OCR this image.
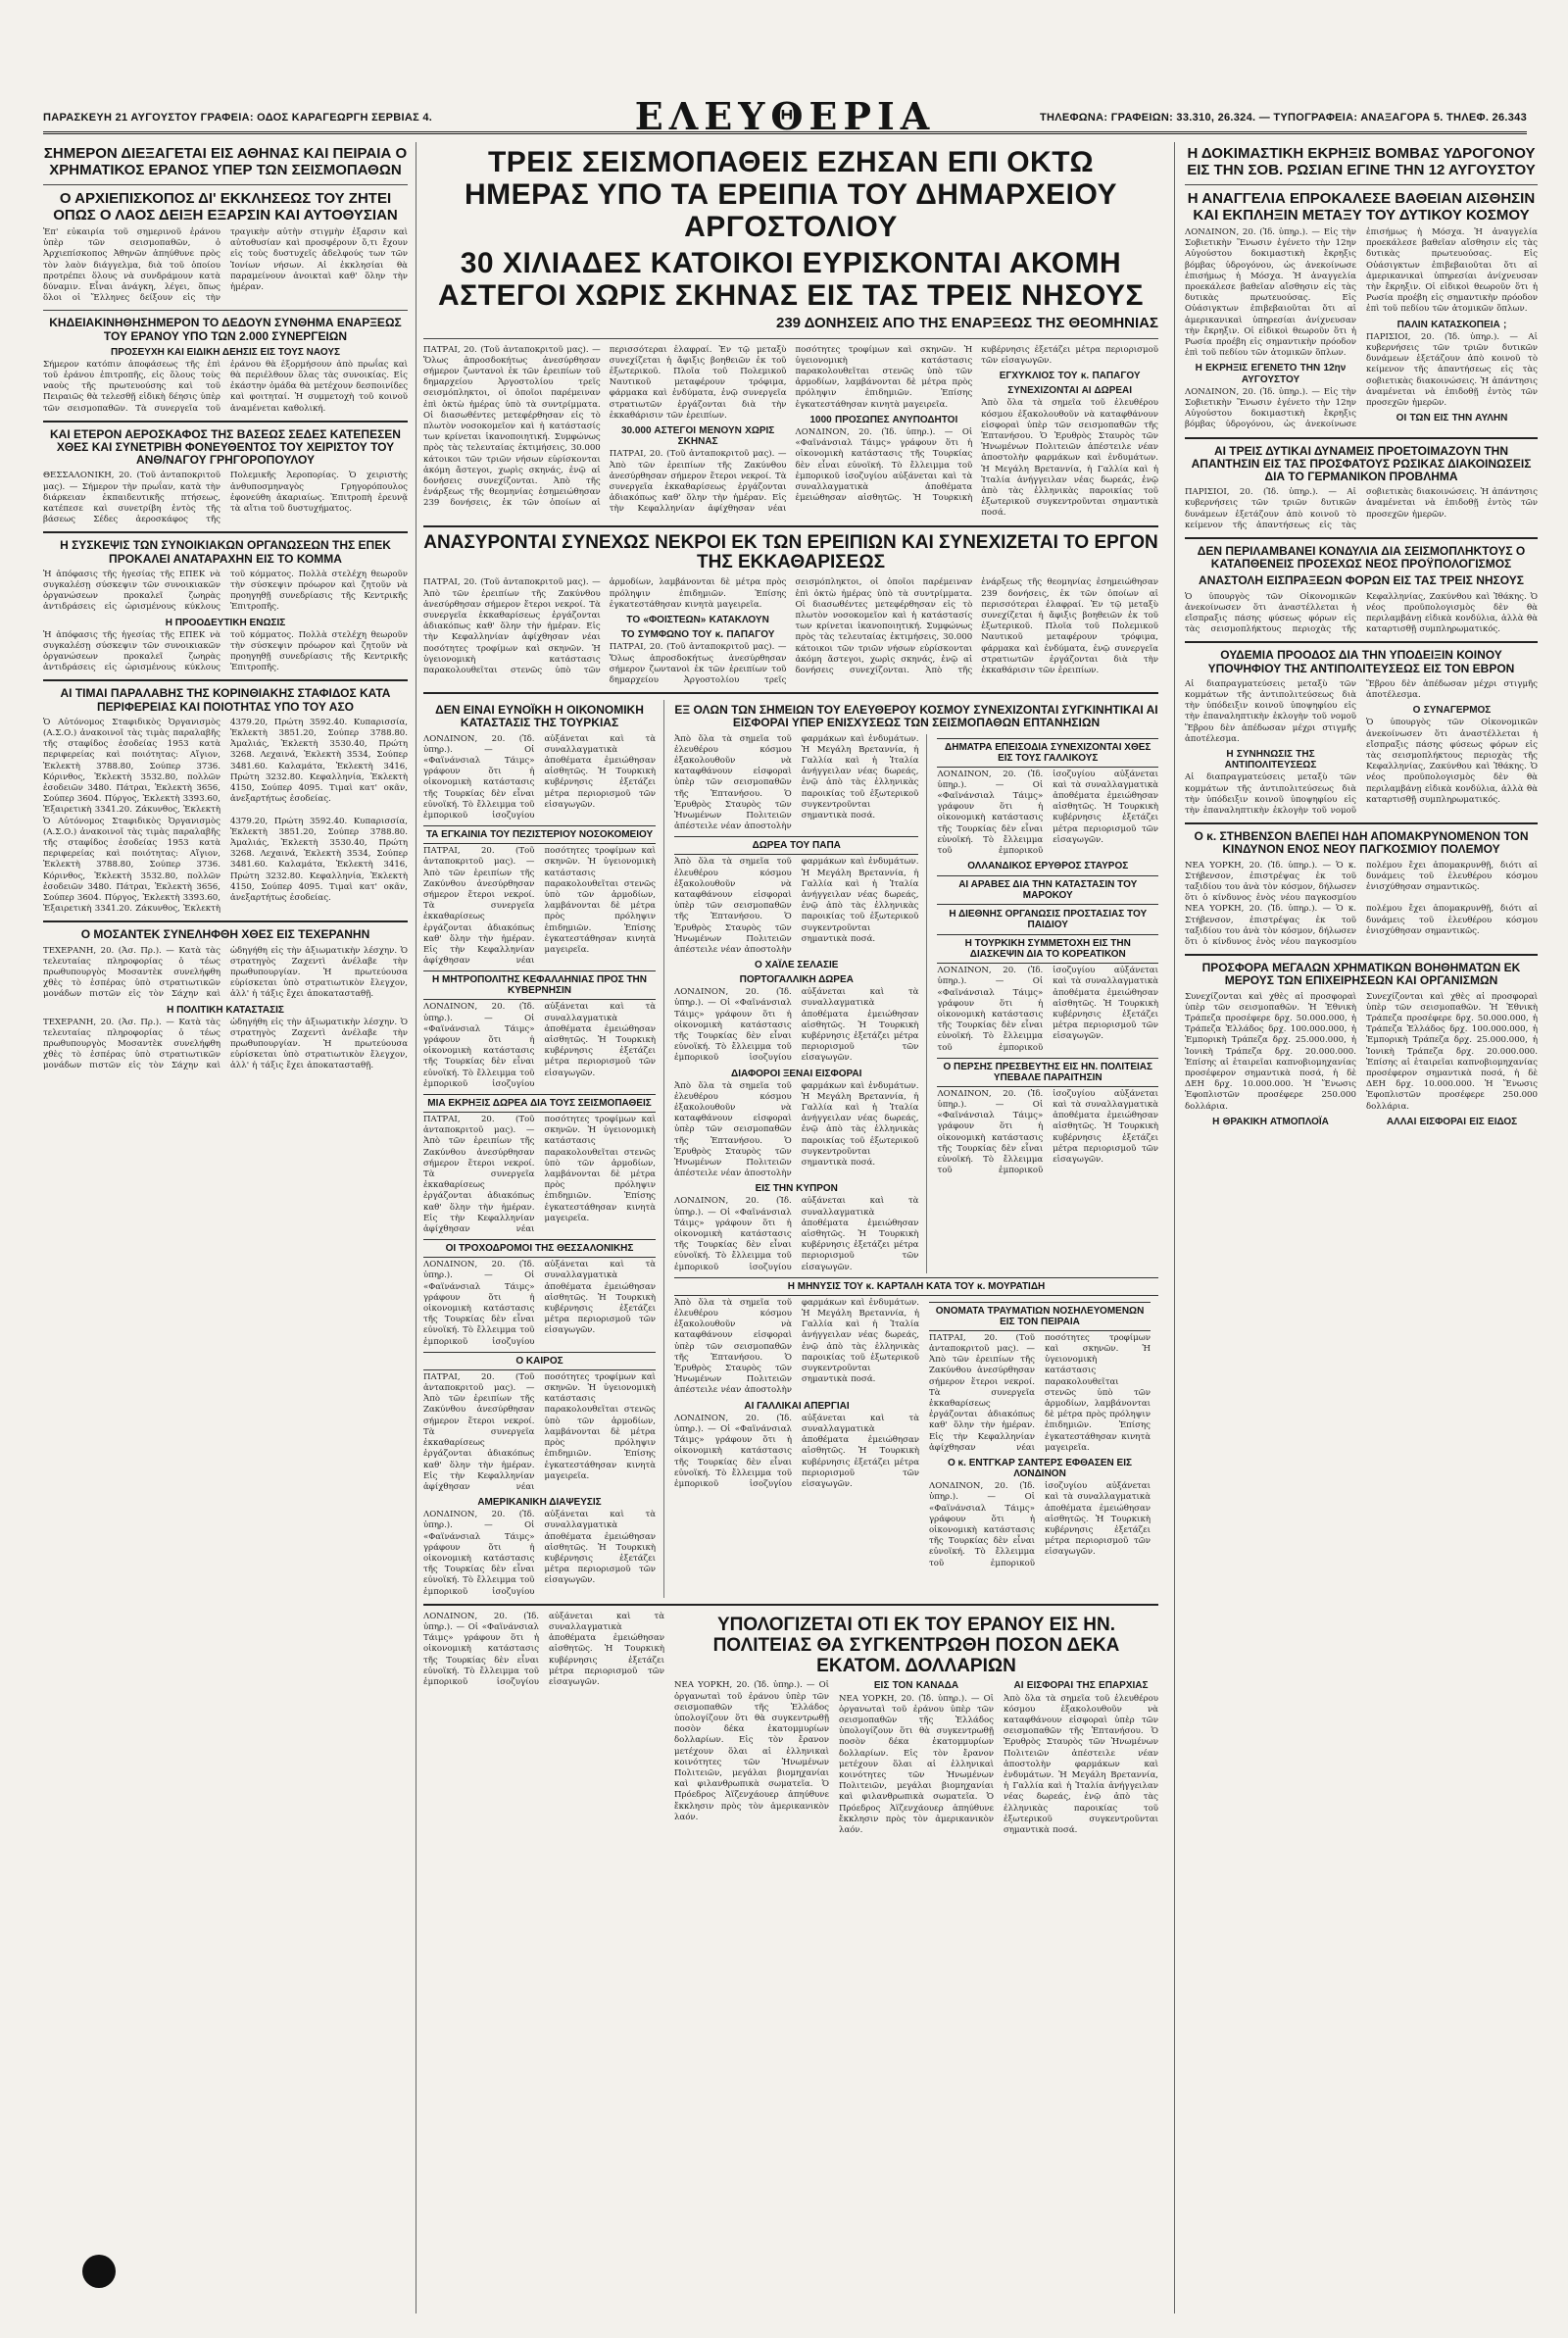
ΠΑΡΑΣΚΕΥΗ 21 ΑΥΓΟΥΣΤΟΥ ΓΡΑΦΕΙΑ: ΟΔΟΣ ΚΑΡΑΓΕΩΡΓΗ ΣΕΡΒΙΑΣ 4.	ΕΛΕΥΘΕΡΙΑ	ΤΗΛΕΦΩΝΑ: ΓΡΑΦΕΙΩΝ: 33.310, 26.324. — ΤΥΠΟΓΡΑΦΕΙΑ: ΑΝΑΞΑΓΟΡΑ 5. ΤΗΛΕΦ. 26.343
ΣΗΜΕΡΟΝ ΔΙΕΞΑΓΕΤΑΙ ΕΙΣ ΑΘΗΝΑΣ ΚΑΙ ΠΕΙΡΑΙΑ Ο ΧΡΗΜΑΤΙΚΟΣ ΕΡΑΝΟΣ ΥΠΕΡ ΤΩΝ ΣΕΙΣΜΟΠΑΘΩΝ
Ο ΑΡΧΙΕΠΙΣΚΟΠΟΣ ΔΙ' ΕΚΚΛΗΣΕΩΣ ΤΟΥ ΖΗΤΕΙ ΟΠΩΣ Ο ΛΑΟΣ ΔΕΙΞΗ ΕΞΑΡΣΙΝ ΚΑΙ ΑΥΤΟΘΥΣΙΑΝ
Ἐπ' εὐκαιρία τοῦ σημερινοῦ ἐράνου ὑπὲρ τῶν σεισμοπαθῶν, ὁ Ἀρχιεπίσκοπος Ἀθηνῶν ἀπηύθυνε πρὸς τὸν λαὸν διάγγελμα, διὰ τοῦ ὁποίου προτρέπει ὅλους νὰ συνδράμουν κατὰ δύναμιν. Εἶναι ἀνάγκη, λέγει, ὅπως ὅλοι οἱ Ἕλληνες δείξουν εἰς τὴν τραγικὴν αὐτὴν στιγμὴν ἐξαρσιν καὶ αὐτοθυσίαν καὶ προσφέρουν ὅ,τι ἔχουν εἰς τοὺς δυστυχεῖς ἀδελφούς των τῶν Ἰονίων νήσων. Αἱ ἐκκλησίαι θὰ παραμείνουν ἀνοικταὶ καθ' ὅλην τὴν ἡμέραν.
ΚΗΔΕΙΑΚΙΝΗΘΗΣΗΜΕΡΟΝ ΤΟ ΔΕΔΟΥΝ ΣΥΝΘΗΜΑ ΕΝΑΡΞΕΩΣ ΤΟΥ ΕΡΑΝΟΥ ΥΠΟ ΤΩΝ 2.000 ΣΥΝΕΡΓΕΙΩΝ
ΠΡΟΣΕΥΧΗ ΚΑΙ ΕΙΔΙΚΗ ΔΕΗΣΙΣ ΕΙΣ ΤΟΥΣ ΝΑΟΥΣ
Σήμερον κατόπιν ἀποφάσεως τῆς ἐπὶ τοῦ ἐράνου ἐπιτροπῆς, εἰς ὅλους τοὺς ναοὺς τῆς πρωτευούσης καὶ τοῦ Πειραιῶς θὰ τελεσθῇ εἰδικὴ δέησις ὑπὲρ τῶν σεισμοπαθῶν. Τὰ συνεργεῖα τοῦ ἐράνου θὰ ἐξορμήσουν ἀπὸ πρωΐας καὶ θὰ περιέλθουν ὅλας τὰς συνοικίας. Εἰς ἑκάστην ὁμάδα θὰ μετέχουν δεσποινίδες καὶ φοιτηταί. Ἡ συμμετοχὴ τοῦ κοινοῦ ἀναμένεται καθολική.
ΚΑΙ ΕΤΕΡΟΝ ΑΕΡΟΣΚΑΦΟΣ ΤΗΣ ΒΑΣΕΩΣ ΣΕΔΕΣ ΚΑΤΕΠΕΣΕΝ ΧΘΕΣ ΚΑΙ ΣΥΝΕΤΡΙΒΗ ΦΟΝΕΥΘΕΝΤΟΣ ΤΟΥ ΧΕΙΡΙΣΤΟΥ ΤΟΥ ΑΝΘ/ΝΑΓΟΥ ΓΡΗΓΟΡΟΠΟΥΛΟΥ
ΘΕΣΣΑΛΟΝΙΚΗ, 20. (Τοῦ ἀνταποκριτοῦ μας). — Σήμερον τὴν πρωΐαν, κατὰ τὴν διάρκειαν ἐκπαιδευτικῆς πτήσεως, κατέπεσε καὶ συνετρίβη ἐντὸς τῆς βάσεως Σέδες ἀεροσκάφος τῆς Πολεμικῆς Ἀεροπορίας. Ὁ χειριστὴς ἀνθυποσμηναγὸς Γρηγορόπουλος ἐφονεύθη ἀκαριαίως. Ἐπιτροπὴ ἐρευνᾷ τὰ αἴτια τοῦ δυστυχήματος.
Η ΣΥΣΚΕΨΙΣ ΤΩΝ ΣΥΝΟΙΚΙΑΚΩΝ ΟΡΓΑΝΩΣΕΩΝ ΤΗΣ ΕΠΕΚ ΠΡΟΚΑΛΕΙ ΑΝΑΤΑΡΑΧΗΝ ΕΙΣ ΤΟ ΚΟΜΜΑ
Ἡ ἀπόφασις τῆς ἡγεσίας τῆς ΕΠΕΚ νὰ συγκαλέσῃ σύσκεψιν τῶν συνοικιακῶν ὀργανώσεων προκαλεῖ ζωηρὰς ἀντιδράσεις εἰς ὡρισμένους κύκλους τοῦ κόμματος. Πολλὰ στελέχη θεωροῦν τὴν σύσκεψιν πρόωρον καὶ ζητοῦν νὰ προηγηθῇ συνεδρίασις τῆς Κεντρικῆς Ἐπιτροπῆς.
Η ΠΡΟΟΔΕΥΤΙΚΗ ΕΝΩΣΙΣ
Ἡ ἀπόφασις τῆς ἡγεσίας τῆς ΕΠΕΚ νὰ συγκαλέσῃ σύσκεψιν τῶν συνοικιακῶν ὀργανώσεων προκαλεῖ ζωηρὰς ἀντιδράσεις εἰς ὡρισμένους κύκλους τοῦ κόμματος. Πολλὰ στελέχη θεωροῦν τὴν σύσκεψιν πρόωρον καὶ ζητοῦν νὰ προηγηθῇ συνεδρίασις τῆς Κεντρικῆς Ἐπιτροπῆς.
ΑΙ ΤΙΜΑΙ ΠΑΡΑΛΑΒΗΣ ΤΗΣ ΚΟΡΙΝΘΙΑΚΗΣ ΣΤΑΦΙΔΟΣ ΚΑΤΑ ΠΕΡΙΦΕΡΕΙΑΣ ΚΑΙ ΠΟΙΟΤΗΤΑΣ ΥΠΟ ΤΟΥ ΑΣΟ
Ὁ Αὐτόνομος Σταφιδικὸς Ὀργανισμὸς (Α.Σ.Ο.) ἀνακοινοῖ τὰς τιμὰς παραλαβῆς τῆς σταφίδος ἐσοδείας 1953 κατὰ περιφερείας καὶ ποιότητας: Αἴγιον, Ἐκλεκτὴ 3788.80, Σούπερ 3736. Κόρινθος, Ἐκλεκτὴ 3532.80, πολλῶν ἐσοδειῶν 3480. Πάτραι, Ἐκλεκτὴ 3656, Σούπερ 3604. Πύργος, Ἐκλεκτὴ 3393.60, Ἐξαιρετικὴ 3341.20. Ζάκυνθος, Ἐκλεκτὴ 4379.20, Πρώτη 3592.40. Κυπαρισσία, Ἐκλεκτὴ 3851.20, Σούπερ 3788.80. Ἀμαλιάς, Ἐκλεκτὴ 3530.40, Πρώτη 3268. Λεχαινά, Ἐκλεκτὴ 3534, Σούπερ 3481.60. Καλαμάτα, Ἐκλεκτὴ 3416, Πρώτη 3232.80. Κεφαλληνία, Ἐκλεκτὴ 4150, Σούπερ 4095. Τιμαὶ κατ' οκᾶν, ἀνεξαρτήτως ἐσοδείας.
Ὁ Αὐτόνομος Σταφιδικὸς Ὀργανισμὸς (Α.Σ.Ο.) ἀνακοινοῖ τὰς τιμὰς παραλαβῆς τῆς σταφίδος ἐσοδείας 1953 κατὰ περιφερείας καὶ ποιότητας: Αἴγιον, Ἐκλεκτὴ 3788.80, Σούπερ 3736. Κόρινθος, Ἐκλεκτὴ 3532.80, πολλῶν ἐσοδειῶν 3480. Πάτραι, Ἐκλεκτὴ 3656, Σούπερ 3604. Πύργος, Ἐκλεκτὴ 3393.60, Ἐξαιρετικὴ 3341.20. Ζάκυνθος, Ἐκλεκτὴ 4379.20, Πρώτη 3592.40. Κυπαρισσία, Ἐκλεκτὴ 3851.20, Σούπερ 3788.80. Ἀμαλιάς, Ἐκλεκτὴ 3530.40, Πρώτη 3268. Λεχαινά, Ἐκλεκτὴ 3534, Σούπερ 3481.60. Καλαμάτα, Ἐκλεκτὴ 3416, Πρώτη 3232.80. Κεφαλληνία, Ἐκλεκτὴ 4150, Σούπερ 4095. Τιμαὶ κατ' οκᾶν, ἀνεξαρτήτως ἐσοδείας.
Ο ΜΟΣΑΝΤΕΚ ΣΥΝΕΛΗΦΘΗ ΧΘΕΣ ΕΙΣ ΤΕΧΕΡΑΝΗΝ
ΤΕΧΕΡΑΝΗ, 20. (Ἀσ. Πρ.). — Κατὰ τὰς τελευταίας πληροφορίας ὁ τέως πρωθυπουργὸς Μοσαντὲκ συνελήφθη χθὲς τὸ ἑσπέρας ὑπὸ στρατιωτικῶν μονάδων πιστῶν εἰς τὸν Σάχην καὶ ὡδηγήθη εἰς τὴν ἀξιωματικὴν λέσχην. Ὁ στρατηγὸς Ζαχεντὶ ἀνέλαβε τὴν πρωθυπουργίαν. Ἡ πρωτεύουσα εὑρίσκεται ὑπὸ στρατιωτικὸν ἔλεγχον, ἀλλ' ἡ τάξις ἔχει ἀποκατασταθῇ.
Η ΠΟΛΙΤΙΚΗ ΚΑΤΑΣΤΑΣΙΣ
ΤΕΧΕΡΑΝΗ, 20. (Ἀσ. Πρ.). — Κατὰ τὰς τελευταίας πληροφορίας ὁ τέως πρωθυπουργὸς Μοσαντὲκ συνελήφθη χθὲς τὸ ἑσπέρας ὑπὸ στρατιωτικῶν μονάδων πιστῶν εἰς τὸν Σάχην καὶ ὡδηγήθη εἰς τὴν ἀξιωματικὴν λέσχην. Ὁ στρατηγὸς Ζαχεντὶ ἀνέλαβε τὴν πρωθυπουργίαν. Ἡ πρωτεύουσα εὑρίσκεται ὑπὸ στρατιωτικὸν ἔλεγχον, ἀλλ' ἡ τάξις ἔχει ἀποκατασταθῇ.
ΤΡΕΙΣ ΣΕΙΣΜΟΠΑΘΕΙΣ ΕΖΗΣΑΝ ΕΠΙ ΟΚΤΩ ΗΜΕΡΑΣ ΥΠΟ ΤΑ ΕΡΕΙΠΙΑ ΤΟΥ ΔΗΜΑΡΧΕΙΟΥ ΑΡΓΟΣΤΟΛΙΟΥ
30 ΧΙΛΙΑΔΕΣ ΚΑΤΟΙΚΟΙ ΕΥΡΙΣΚΟΝΤΑΙ ΑΚΟΜΗ ΑΣΤΕΓΟΙ ΧΩΡΙΣ ΣΚΗΝΑΣ ΕΙΣ ΤΑΣ ΤΡΕΙΣ ΝΗΣΟΥΣ
239 ΔΟΝΗΣΕΙΣ ΑΠΟ ΤΗΣ ΕΝΑΡΞΕΩΣ ΤΗΣ ΘΕΟΜΗΝΙΑΣ
ΠΑΤΡΑΙ, 20. (Τοῦ ἀνταποκριτοῦ μας). — Ὅλως ἀπροσδοκήτως ἀνεσύρθησαν σήμερον ζωντανοὶ ἐκ τῶν ἐρειπίων τοῦ δημαρχείου Ἀργοστολίου τρεῖς σεισμόπληκτοι, οἱ ὁποῖοι παρέμειναν ἐπὶ ὀκτὼ ἡμέρας ὑπὸ τὰ συντρίμματα. Οἱ διασωθέντες μετεφέρθησαν εἰς τὸ πλωτὸν νοσοκομεῖον καὶ ἡ κατάστασίς των κρίνεται ἱκανοποιητική. Συμφώνως πρὸς τὰς τελευταίας ἐκτιμήσεις, 30.000 κάτοικοι τῶν τριῶν νήσων εὑρίσκονται ἀκόμη ἄστεγοι, χωρὶς σκηνάς, ἐνῷ αἱ δονήσεις συνεχίζονται. Ἀπὸ τῆς ἐνάρξεως τῆς θεομηνίας ἐσημειώθησαν 239 δονήσεις, ἐκ τῶν ὁποίων αἱ περισσότεραι ἐλαφραί. Ἐν τῷ μεταξὺ συνεχίζεται ἡ ἄφιξις βοηθειῶν ἐκ τοῦ ἐξωτερικοῦ. Πλοῖα τοῦ Πολεμικοῦ Ναυτικοῦ μεταφέρουν τρόφιμα, φάρμακα καὶ ἐνδύματα, ἐνῷ συνεργεῖα στρατιωτῶν ἐργάζονται διὰ τὴν ἐκκαθάρισιν τῶν ἐρειπίων.
30.000 ΑΣΤΕΓΟΙ ΜΕΝΟΥΝ ΧΩΡΙΣ ΣΚΗΝΑΣ
ΠΑΤΡΑΙ, 20. (Τοῦ ἀνταποκριτοῦ μας). — Ἀπὸ τῶν ἐρειπίων τῆς Ζακύνθου ἀνεσύρθησαν σήμερον ἕτεροι νεκροί. Τὰ συνεργεῖα ἐκκαθαρίσεως ἐργάζονται ἀδιακόπως καθ' ὅλην τὴν ἡμέραν. Εἰς τὴν Κεφαλληνίαν ἀφίχθησαν νέαι ποσότητες τροφίμων καὶ σκηνῶν. Ἡ ὑγειονομικὴ κατάστασις παρακολουθεῖται στενῶς ὑπὸ τῶν ἁρμοδίων, λαμβάνονται δὲ μέτρα πρὸς πρόληψιν ἐπιδημιῶν. Ἐπίσης ἐγκατεστάθησαν κινητὰ μαγειρεῖα.
1000 ΠΡΟΣΩΠΕΣ ΑΝΥΠΟΔΗΤΟΙ
ΛΟΝΔΙΝΟΝ, 20. (Ἰδ. ὑπηρ.). — Οἱ «Φαϊνάνσιαλ Τάιμς» γράφουν ὅτι ἡ οἰκονομικὴ κατάστασις τῆς Τουρκίας δὲν εἶναι εὐνοϊκή. Τὸ ἔλλειμμα τοῦ ἐμπορικοῦ ἰσοζυγίου αὐξάνεται καὶ τὰ συναλλαγματικὰ ἀποθέματα ἐμειώθησαν αἰσθητῶς. Ἡ Τουρκικὴ κυβέρνησις ἐξετάζει μέτρα περιορισμοῦ τῶν εἰσαγωγῶν.
ΕΓΧΥΚΛΙΟΣ ΤΟΥ κ. ΠΑΠΑΓΟΥ
ΣΥΝΕΧΙΖΟΝΤΑΙ ΑΙ ΔΩΡΕΑΙ
Ἀπὸ ὅλα τὰ σημεῖα τοῦ ἐλευθέρου κόσμου ἐξακολουθοῦν νὰ καταφθάνουν εἰσφοραὶ ὑπὲρ τῶν σεισμοπαθῶν τῆς Ἑπτανήσου. Ὁ Ἐρυθρὸς Σταυρὸς τῶν Ἡνωμένων Πολιτειῶν ἀπέστειλε νέαν ἀποστολὴν φαρμάκων καὶ ἐνδυμάτων. Ἡ Μεγάλη Βρεταννία, ἡ Γαλλία καὶ ἡ Ἰταλία ἀνήγγειλαν νέας δωρεάς, ἐνῷ ἀπὸ τὰς ἑλληνικὰς παροικίας τοῦ ἐξωτερικοῦ συγκεντροῦνται σημαντικὰ ποσά.
ΑΝΑΣΥΡΟΝΤΑΙ ΣΥΝΕΧΩΣ ΝΕΚΡΟΙ ΕΚ ΤΩΝ ΕΡΕΙΠΙΩΝ ΚΑΙ ΣΥΝΕΧΙΖΕΤΑΙ ΤΟ ΕΡΓΟΝ ΤΗΣ ΕΚΚΑΘΑΡΙΣΕΩΣ
ΠΑΤΡΑΙ, 20. (Τοῦ ἀνταποκριτοῦ μας). — Ἀπὸ τῶν ἐρειπίων τῆς Ζακύνθου ἀνεσύρθησαν σήμερον ἕτεροι νεκροί. Τὰ συνεργεῖα ἐκκαθαρίσεως ἐργάζονται ἀδιακόπως καθ' ὅλην τὴν ἡμέραν. Εἰς τὴν Κεφαλληνίαν ἀφίχθησαν νέαι ποσότητες τροφίμων καὶ σκηνῶν. Ἡ ὑγειονομικὴ κατάστασις παρακολουθεῖται στενῶς ὑπὸ τῶν ἁρμοδίων, λαμβάνονται δὲ μέτρα πρὸς πρόληψιν ἐπιδημιῶν. Ἐπίσης ἐγκατεστάθησαν κινητὰ μαγειρεῖα.
ΤΟ «ΦΟΙΣΤΕΩΝ» ΚΑΤΑΚΛΟΥΝ
ΤΟ ΣΥΜΦΩΝΟ ΤΟΥ κ. ΠΑΠΑΓΟΥ
ΠΑΤΡΑΙ, 20. (Τοῦ ἀνταποκριτοῦ μας). — Ὅλως ἀπροσδοκήτως ἀνεσύρθησαν σήμερον ζωντανοὶ ἐκ τῶν ἐρειπίων τοῦ δημαρχείου Ἀργοστολίου τρεῖς σεισμόπληκτοι, οἱ ὁποῖοι παρέμειναν ἐπὶ ὀκτὼ ἡμέρας ὑπὸ τὰ συντρίμματα. Οἱ διασωθέντες μετεφέρθησαν εἰς τὸ πλωτὸν νοσοκομεῖον καὶ ἡ κατάστασίς των κρίνεται ἱκανοποιητική. Συμφώνως πρὸς τὰς τελευταίας ἐκτιμήσεις, 30.000 κάτοικοι τῶν τριῶν νήσων εὑρίσκονται ἀκόμη ἄστεγοι, χωρὶς σκηνάς, ἐνῷ αἱ δονήσεις συνεχίζονται. Ἀπὸ τῆς ἐνάρξεως τῆς θεομηνίας ἐσημειώθησαν 239 δονήσεις, ἐκ τῶν ὁποίων αἱ περισσότεραι ἐλαφραί. Ἐν τῷ μεταξὺ συνεχίζεται ἡ ἄφιξις βοηθειῶν ἐκ τοῦ ἐξωτερικοῦ. Πλοῖα τοῦ Πολεμικοῦ Ναυτικοῦ μεταφέρουν τρόφιμα, φάρμακα καὶ ἐνδύματα, ἐνῷ συνεργεῖα στρατιωτῶν ἐργάζονται διὰ τὴν ἐκκαθάρισιν τῶν ἐρειπίων.
ΔΕΝ ΕΙΝΑΙ ΕΥΝΟΪΚΗ Η ΟΙΚΟΝΟΜΙΚΗ ΚΑΤΑΣΤΑΣΙΣ ΤΗΣ ΤΟΥΡΚΙΑΣ
ΛΟΝΔΙΝΟΝ, 20. (Ἰδ. ὑπηρ.). — Οἱ «Φαϊνάνσιαλ Τάιμς» γράφουν ὅτι ἡ οἰκονομικὴ κατάστασις τῆς Τουρκίας δὲν εἶναι εὐνοϊκή. Τὸ ἔλλειμμα τοῦ ἐμπορικοῦ ἰσοζυγίου αὐξάνεται καὶ τὰ συναλλαγματικὰ ἀποθέματα ἐμειώθησαν αἰσθητῶς. Ἡ Τουρκικὴ κυβέρνησις ἐξετάζει μέτρα περιορισμοῦ τῶν εἰσαγωγῶν.
ΤΑ ΕΓΚΑΙΝΙΑ ΤΟΥ ΠΕΖΙΣΤΕΡΙΟΥ ΝΟΣΟΚΟΜΕΙΟΥ
ΠΑΤΡΑΙ, 20. (Τοῦ ἀνταποκριτοῦ μας). — Ἀπὸ τῶν ἐρειπίων τῆς Ζακύνθου ἀνεσύρθησαν σήμερον ἕτεροι νεκροί. Τὰ συνεργεῖα ἐκκαθαρίσεως ἐργάζονται ἀδιακόπως καθ' ὅλην τὴν ἡμέραν. Εἰς τὴν Κεφαλληνίαν ἀφίχθησαν νέαι ποσότητες τροφίμων καὶ σκηνῶν. Ἡ ὑγειονομικὴ κατάστασις παρακολουθεῖται στενῶς ὑπὸ τῶν ἁρμοδίων, λαμβάνονται δὲ μέτρα πρὸς πρόληψιν ἐπιδημιῶν. Ἐπίσης ἐγκατεστάθησαν κινητὰ μαγειρεῖα.
Η ΜΗΤΡΟΠΟΛΙΤΗΣ ΚΕΦΑΛΛΗΝΙΑΣ ΠΡΟΣ ΤΗΝ ΚΥΒΕΡΝΗΣΙΝ
ΛΟΝΔΙΝΟΝ, 20. (Ἰδ. ὑπηρ.). — Οἱ «Φαϊνάνσιαλ Τάιμς» γράφουν ὅτι ἡ οἰκονομικὴ κατάστασις τῆς Τουρκίας δὲν εἶναι εὐνοϊκή. Τὸ ἔλλειμμα τοῦ ἐμπορικοῦ ἰσοζυγίου αὐξάνεται καὶ τὰ συναλλαγματικὰ ἀποθέματα ἐμειώθησαν αἰσθητῶς. Ἡ Τουρκικὴ κυβέρνησις ἐξετάζει μέτρα περιορισμοῦ τῶν εἰσαγωγῶν.
ΜΙΑ ΕΚΡΗΞΙΣ ΔΩΡΕΑ ΔΙΑ ΤΟΥΣ ΣΕΙΣΜΟΠΑΘΕΙΣ
ΠΑΤΡΑΙ, 20. (Τοῦ ἀνταποκριτοῦ μας). — Ἀπὸ τῶν ἐρειπίων τῆς Ζακύνθου ἀνεσύρθησαν σήμερον ἕτεροι νεκροί. Τὰ συνεργεῖα ἐκκαθαρίσεως ἐργάζονται ἀδιακόπως καθ' ὅλην τὴν ἡμέραν. Εἰς τὴν Κεφαλληνίαν ἀφίχθησαν νέαι ποσότητες τροφίμων καὶ σκηνῶν. Ἡ ὑγειονομικὴ κατάστασις παρακολουθεῖται στενῶς ὑπὸ τῶν ἁρμοδίων, λαμβάνονται δὲ μέτρα πρὸς πρόληψιν ἐπιδημιῶν. Ἐπίσης ἐγκατεστάθησαν κινητὰ μαγειρεῖα.
ΟΙ ΤΡΟΧΟΔΡΟΜΟΙ ΤΗΣ ΘΕΣΣΑΛΟΝΙΚΗΣ
ΛΟΝΔΙΝΟΝ, 20. (Ἰδ. ὑπηρ.). — Οἱ «Φαϊνάνσιαλ Τάιμς» γράφουν ὅτι ἡ οἰκονομικὴ κατάστασις τῆς Τουρκίας δὲν εἶναι εὐνοϊκή. Τὸ ἔλλειμμα τοῦ ἐμπορικοῦ ἰσοζυγίου αὐξάνεται καὶ τὰ συναλλαγματικὰ ἀποθέματα ἐμειώθησαν αἰσθητῶς. Ἡ Τουρκικὴ κυβέρνησις ἐξετάζει μέτρα περιορισμοῦ τῶν εἰσαγωγῶν.
Ο ΚΑΙΡΟΣ
ΠΑΤΡΑΙ, 20. (Τοῦ ἀνταποκριτοῦ μας). — Ἀπὸ τῶν ἐρειπίων τῆς Ζακύνθου ἀνεσύρθησαν σήμερον ἕτεροι νεκροί. Τὰ συνεργεῖα ἐκκαθαρίσεως ἐργάζονται ἀδιακόπως καθ' ὅλην τὴν ἡμέραν. Εἰς τὴν Κεφαλληνίαν ἀφίχθησαν νέαι ποσότητες τροφίμων καὶ σκηνῶν. Ἡ ὑγειονομικὴ κατάστασις παρακολουθεῖται στενῶς ὑπὸ τῶν ἁρμοδίων, λαμβάνονται δὲ μέτρα πρὸς πρόληψιν ἐπιδημιῶν. Ἐπίσης ἐγκατεστάθησαν κινητὰ μαγειρεῖα.
ΑΜΕΡΙΚΑΝΙΚΗ ΔΙΑΨΕΥΣΙΣ
ΛΟΝΔΙΝΟΝ, 20. (Ἰδ. ὑπηρ.). — Οἱ «Φαϊνάνσιαλ Τάιμς» γράφουν ὅτι ἡ οἰκονομικὴ κατάστασις τῆς Τουρκίας δὲν εἶναι εὐνοϊκή. Τὸ ἔλλειμμα τοῦ ἐμπορικοῦ ἰσοζυγίου αὐξάνεται καὶ τὰ συναλλαγματικὰ ἀποθέματα ἐμειώθησαν αἰσθητῶς. Ἡ Τουρκικὴ κυβέρνησις ἐξετάζει μέτρα περιορισμοῦ τῶν εἰσαγωγῶν.
ΕΞ ΟΛΩΝ ΤΩΝ ΣΗΜΕΙΩΝ ΤΟΥ ΕΛΕΥΘΕΡΟΥ ΚΟΣΜΟΥ ΣΥΝΕΧΙΖΟΝΤΑΙ ΣΥΓΚΙΝΗΤΙΚΑΙ ΑΙ ΕΙΣΦΟΡΑΙ ΥΠΕΡ ΕΝΙΣΧΥΣΕΩΣ ΤΩΝ ΣΕΙΣΜΟΠΑΘΩΝ ΕΠΤΑΝΗΣΙΩΝ
Ἀπὸ ὅλα τὰ σημεῖα τοῦ ἐλευθέρου κόσμου ἐξακολουθοῦν νὰ καταφθάνουν εἰσφοραὶ ὑπὲρ τῶν σεισμοπαθῶν τῆς Ἑπτανήσου. Ὁ Ἐρυθρὸς Σταυρὸς τῶν Ἡνωμένων Πολιτειῶν ἀπέστειλε νέαν ἀποστολὴν φαρμάκων καὶ ἐνδυμάτων. Ἡ Μεγάλη Βρεταννία, ἡ Γαλλία καὶ ἡ Ἰταλία ἀνήγγειλαν νέας δωρεάς, ἐνῷ ἀπὸ τὰς ἑλληνικὰς παροικίας τοῦ ἐξωτερικοῦ συγκεντροῦνται σημαντικὰ ποσά.
ΔΩΡΕΑ ΤΟΥ ΠΑΠΑ
Ἀπὸ ὅλα τὰ σημεῖα τοῦ ἐλευθέρου κόσμου ἐξακολουθοῦν νὰ καταφθάνουν εἰσφοραὶ ὑπὲρ τῶν σεισμοπαθῶν τῆς Ἑπτανήσου. Ὁ Ἐρυθρὸς Σταυρὸς τῶν Ἡνωμένων Πολιτειῶν ἀπέστειλε νέαν ἀποστολὴν φαρμάκων καὶ ἐνδυμάτων. Ἡ Μεγάλη Βρεταννία, ἡ Γαλλία καὶ ἡ Ἰταλία ἀνήγγειλαν νέας δωρεάς, ἐνῷ ἀπὸ τὰς ἑλληνικὰς παροικίας τοῦ ἐξωτερικοῦ συγκεντροῦνται σημαντικὰ ποσά.
Ο ΧΑΪΛΕ ΣΕΛΑΣΙΕ
ΠΟΡΤΟΓΑΛΛΙΚΗ ΔΩΡΕΑ
ΛΟΝΔΙΝΟΝ, 20. (Ἰδ. ὑπηρ.). — Οἱ «Φαϊνάνσιαλ Τάιμς» γράφουν ὅτι ἡ οἰκονομικὴ κατάστασις τῆς Τουρκίας δὲν εἶναι εὐνοϊκή. Τὸ ἔλλειμμα τοῦ ἐμπορικοῦ ἰσοζυγίου αὐξάνεται καὶ τὰ συναλλαγματικὰ ἀποθέματα ἐμειώθησαν αἰσθητῶς. Ἡ Τουρκικὴ κυβέρνησις ἐξετάζει μέτρα περιορισμοῦ τῶν εἰσαγωγῶν.
ΔΙΑΦΟΡΟΙ ΞΕΝΑΙ ΕΙΣΦΟΡΑΙ
Ἀπὸ ὅλα τὰ σημεῖα τοῦ ἐλευθέρου κόσμου ἐξακολουθοῦν νὰ καταφθάνουν εἰσφοραὶ ὑπὲρ τῶν σεισμοπαθῶν τῆς Ἑπτανήσου. Ὁ Ἐρυθρὸς Σταυρὸς τῶν Ἡνωμένων Πολιτειῶν ἀπέστειλε νέαν ἀποστολὴν φαρμάκων καὶ ἐνδυμάτων. Ἡ Μεγάλη Βρεταννία, ἡ Γαλλία καὶ ἡ Ἰταλία ἀνήγγειλαν νέας δωρεάς, ἐνῷ ἀπὸ τὰς ἑλληνικὰς παροικίας τοῦ ἐξωτερικοῦ συγκεντροῦνται σημαντικὰ ποσά.
ΕΙΣ ΤΗΝ ΚΥΠΡΟΝ
ΛΟΝΔΙΝΟΝ, 20. (Ἰδ. ὑπηρ.). — Οἱ «Φαϊνάνσιαλ Τάιμς» γράφουν ὅτι ἡ οἰκονομικὴ κατάστασις τῆς Τουρκίας δὲν εἶναι εὐνοϊκή. Τὸ ἔλλειμμα τοῦ ἐμπορικοῦ ἰσοζυγίου αὐξάνεται καὶ τὰ συναλλαγματικὰ ἀποθέματα ἐμειώθησαν αἰσθητῶς. Ἡ Τουρκικὴ κυβέρνησις ἐξετάζει μέτρα περιορισμοῦ τῶν εἰσαγωγῶν.
ΔΗΜΑΤΡΑ ΕΠΕΙΣΟΔΙΑ ΣΥΝΕΧΙΖΟΝΤΑΙ ΧΘΕΣ ΕΙΣ ΤΟΥΣ ΓΑΛΛΙΚΟΥΣ
ΛΟΝΔΙΝΟΝ, 20. (Ἰδ. ὑπηρ.). — Οἱ «Φαϊνάνσιαλ Τάιμς» γράφουν ὅτι ἡ οἰκονομικὴ κατάστασις τῆς Τουρκίας δὲν εἶναι εὐνοϊκή. Τὸ ἔλλειμμα τοῦ ἐμπορικοῦ ἰσοζυγίου αὐξάνεται καὶ τὰ συναλλαγματικὰ ἀποθέματα ἐμειώθησαν αἰσθητῶς. Ἡ Τουρκικὴ κυβέρνησις ἐξετάζει μέτρα περιορισμοῦ τῶν εἰσαγωγῶν.
ΟΛΛΑΝΔΙΚΟΣ ΕΡΥΘΡΟΣ ΣΤΑΥΡΟΣ
ΑΙ ΑΡΑΒΕΣ ΔΙΑ ΤΗΝ ΚΑΤΑΣΤΑΣΙΝ ΤΟΥ ΜΑΡΟΚΟΥ
Η ΔΙΕΘΝΗΣ ΟΡΓΑΝΩΣΙΣ ΠΡΟΣΤΑΣΙΑΣ ΤΟΥ ΠΑΙΔΙΟΥ
Η ΤΟΥΡΚΙΚΗ ΣΥΜΜΕΤΟΧΗ ΕΙΣ ΤΗΝ ΔΙΑΣΚΕΨΙΝ ΔΙΑ ΤΟ ΚΟΡΕΑΤΙΚΟΝ
ΛΟΝΔΙΝΟΝ, 20. (Ἰδ. ὑπηρ.). — Οἱ «Φαϊνάνσιαλ Τάιμς» γράφουν ὅτι ἡ οἰκονομικὴ κατάστασις τῆς Τουρκίας δὲν εἶναι εὐνοϊκή. Τὸ ἔλλειμμα τοῦ ἐμπορικοῦ ἰσοζυγίου αὐξάνεται καὶ τὰ συναλλαγματικὰ ἀποθέματα ἐμειώθησαν αἰσθητῶς. Ἡ Τουρκικὴ κυβέρνησις ἐξετάζει μέτρα περιορισμοῦ τῶν εἰσαγωγῶν.
Ο ΠΕΡΣΗΣ ΠΡΕΣΒΕΥΤΗΣ ΕΙΣ ΗΝ. ΠΟΛΙΤΕΙΑΣ ΥΠΕΒΑΛΕ ΠΑΡΑΙΤΗΣΙΝ
ΛΟΝΔΙΝΟΝ, 20. (Ἰδ. ὑπηρ.). — Οἱ «Φαϊνάνσιαλ Τάιμς» γράφουν ὅτι ἡ οἰκονομικὴ κατάστασις τῆς Τουρκίας δὲν εἶναι εὐνοϊκή. Τὸ ἔλλειμμα τοῦ ἐμπορικοῦ ἰσοζυγίου αὐξάνεται καὶ τὰ συναλλαγματικὰ ἀποθέματα ἐμειώθησαν αἰσθητῶς. Ἡ Τουρκικὴ κυβέρνησις ἐξετάζει μέτρα περιορισμοῦ τῶν εἰσαγωγῶν.
Η ΜΗΝΥΣΙΣ ΤΟΥ κ. ΚΑΡΤΑΛΗ ΚΑΤΑ ΤΟΥ κ. ΜΟΥΡΑΤΙΔΗ
Ἀπὸ ὅλα τὰ σημεῖα τοῦ ἐλευθέρου κόσμου ἐξακολουθοῦν νὰ καταφθάνουν εἰσφοραὶ ὑπὲρ τῶν σεισμοπαθῶν τῆς Ἑπτανήσου. Ὁ Ἐρυθρὸς Σταυρὸς τῶν Ἡνωμένων Πολιτειῶν ἀπέστειλε νέαν ἀποστολὴν φαρμάκων καὶ ἐνδυμάτων. Ἡ Μεγάλη Βρεταννία, ἡ Γαλλία καὶ ἡ Ἰταλία ἀνήγγειλαν νέας δωρεάς, ἐνῷ ἀπὸ τὰς ἑλληνικὰς παροικίας τοῦ ἐξωτερικοῦ συγκεντροῦνται σημαντικὰ ποσά.
ΑΙ ΓΑΛΛΙΚΑΙ ΑΠΕΡΓΙΑΙ
ΛΟΝΔΙΝΟΝ, 20. (Ἰδ. ὑπηρ.). — Οἱ «Φαϊνάνσιαλ Τάιμς» γράφουν ὅτι ἡ οἰκονομικὴ κατάστασις τῆς Τουρκίας δὲν εἶναι εὐνοϊκή. Τὸ ἔλλειμμα τοῦ ἐμπορικοῦ ἰσοζυγίου αὐξάνεται καὶ τὰ συναλλαγματικὰ ἀποθέματα ἐμειώθησαν αἰσθητῶς. Ἡ Τουρκικὴ κυβέρνησις ἐξετάζει μέτρα περιορισμοῦ τῶν εἰσαγωγῶν.
ΟΝΟΜΑΤΑ ΤΡΑΥΜΑΤΙΩΝ ΝΟΣΗΛΕΥΟΜΕΝΩΝ ΕΙΣ ΤΟΝ ΠΕΙΡΑΙΑ
ΠΑΤΡΑΙ, 20. (Τοῦ ἀνταποκριτοῦ μας). — Ἀπὸ τῶν ἐρειπίων τῆς Ζακύνθου ἀνεσύρθησαν σήμερον ἕτεροι νεκροί. Τὰ συνεργεῖα ἐκκαθαρίσεως ἐργάζονται ἀδιακόπως καθ' ὅλην τὴν ἡμέραν. Εἰς τὴν Κεφαλληνίαν ἀφίχθησαν νέαι ποσότητες τροφίμων καὶ σκηνῶν. Ἡ ὑγειονομικὴ κατάστασις παρακολουθεῖται στενῶς ὑπὸ τῶν ἁρμοδίων, λαμβάνονται δὲ μέτρα πρὸς πρόληψιν ἐπιδημιῶν. Ἐπίσης ἐγκατεστάθησαν κινητὰ μαγειρεῖα.
Ο κ. ΕΝΤΓΚΑΡ ΣΑΝΤΕΡΣ ΕΦΘΑΣΕΝ ΕΙΣ ΛΟΝΔΙΝΟΝ
ΛΟΝΔΙΝΟΝ, 20. (Ἰδ. ὑπηρ.). — Οἱ «Φαϊνάνσιαλ Τάιμς» γράφουν ὅτι ἡ οἰκονομικὴ κατάστασις τῆς Τουρκίας δὲν εἶναι εὐνοϊκή. Τὸ ἔλλειμμα τοῦ ἐμπορικοῦ ἰσοζυγίου αὐξάνεται καὶ τὰ συναλλαγματικὰ ἀποθέματα ἐμειώθησαν αἰσθητῶς. Ἡ Τουρκικὴ κυβέρνησις ἐξετάζει μέτρα περιορισμοῦ τῶν εἰσαγωγῶν.
ΛΟΝΔΙΝΟΝ, 20. (Ἰδ. ὑπηρ.). — Οἱ «Φαϊνάνσιαλ Τάιμς» γράφουν ὅτι ἡ οἰκονομικὴ κατάστασις τῆς Τουρκίας δὲν εἶναι εὐνοϊκή. Τὸ ἔλλειμμα τοῦ ἐμπορικοῦ ἰσοζυγίου αὐξάνεται καὶ τὰ συναλλαγματικὰ ἀποθέματα ἐμειώθησαν αἰσθητῶς. Ἡ Τουρκικὴ κυβέρνησις ἐξετάζει μέτρα περιορισμοῦ τῶν εἰσαγωγῶν.
ΥΠΟΛΟΓΙΖΕΤΑΙ ΟΤΙ ΕΚ ΤΟΥ ΕΡΑΝΟΥ ΕΙΣ ΗΝ. ΠΟΛΙΤΕΙΑΣ ΘΑ ΣΥΓΚΕΝΤΡΩΘΗ ΠΟΣΟΝ ΔΕΚΑ ΕΚΑΤΟΜ. ΔΟΛΛΑΡΙΩΝ
ΝΕΑ ΥΟΡΚΗ, 20. (Ἰδ. ὑπηρ.). — Οἱ ὀργανωταὶ τοῦ ἐράνου ὑπὲρ τῶν σεισμοπαθῶν τῆς Ἑλλάδος ὑπολογίζουν ὅτι θὰ συγκεντρωθῇ ποσὸν δέκα ἑκατομμυρίων δολλαρίων. Εἰς τὸν ἔρανον μετέχουν ὅλαι αἱ ἑλληνικαὶ κοινότητες τῶν Ἡνωμένων Πολιτειῶν, μεγάλαι βιομηχανίαι καὶ φιλανθρωπικὰ σωματεῖα. Ὁ Πρόεδρος Ἀϊζενχάουερ ἀπηύθυνε ἔκκλησιν πρὸς τὸν ἀμερικανικὸν λαόν.
ΕΙΣ ΤΟΝ ΚΑΝΑΔΑ
ΝΕΑ ΥΟΡΚΗ, 20. (Ἰδ. ὑπηρ.). — Οἱ ὀργανωταὶ τοῦ ἐράνου ὑπὲρ τῶν σεισμοπαθῶν τῆς Ἑλλάδος ὑπολογίζουν ὅτι θὰ συγκεντρωθῇ ποσὸν δέκα ἑκατομμυρίων δολλαρίων. Εἰς τὸν ἔρανον μετέχουν ὅλαι αἱ ἑλληνικαὶ κοινότητες τῶν Ἡνωμένων Πολιτειῶν, μεγάλαι βιομηχανίαι καὶ φιλανθρωπικὰ σωματεῖα. Ὁ Πρόεδρος Ἀϊζενχάουερ ἀπηύθυνε ἔκκλησιν πρὸς τὸν ἀμερικανικὸν λαόν.
ΑΙ ΕΙΣΦΟΡΑΙ ΤΗΣ ΕΠΑΡΧΙΑΣ
Ἀπὸ ὅλα τὰ σημεῖα τοῦ ἐλευθέρου κόσμου ἐξακολουθοῦν νὰ καταφθάνουν εἰσφοραὶ ὑπὲρ τῶν σεισμοπαθῶν τῆς Ἑπτανήσου. Ὁ Ἐρυθρὸς Σταυρὸς τῶν Ἡνωμένων Πολιτειῶν ἀπέστειλε νέαν ἀποστολὴν φαρμάκων καὶ ἐνδυμάτων. Ἡ Μεγάλη Βρεταννία, ἡ Γαλλία καὶ ἡ Ἰταλία ἀνήγγειλαν νέας δωρεάς, ἐνῷ ἀπὸ τὰς ἑλληνικὰς παροικίας τοῦ ἐξωτερικοῦ συγκεντροῦνται σημαντικὰ ποσά.
Η ΔΟΚΙΜΑΣΤΙΚΗ ΕΚΡΗΞΙΣ ΒΟΜΒΑΣ ΥΔΡΟΓΟΝΟΥ ΕΙΣ ΤΗΝ ΣΟΒ. ΡΩΣΙΑΝ ΕΓΙΝΕ ΤΗΝ 12 ΑΥΓΟΥΣΤΟΥ
Η ΑΝΑΓΓΕΛΙΑ ΕΠΡΟΚΑΛΕΣΕ ΒΑΘΕΙΑΝ ΑΙΣΘΗΣΙΝ ΚΑΙ ΕΚΠΛΗΞΙΝ ΜΕΤΑΞΥ ΤΟΥ ΔΥΤΙΚΟΥ ΚΟΣΜΟΥ
ΛΟΝΔΙΝΟΝ, 20. (Ἰδ. ὑπηρ.). — Εἰς τὴν Σοβιετικὴν Ἕνωσιν ἐγένετο τὴν 12ην Αὐγούστου δοκιμαστικὴ ἔκρηξις βόμβας ὑδρογόνου, ὡς ἀνεκοίνωσε ἐπισήμως ἡ Μόσχα. Ἡ ἀναγγελία προεκάλεσε βαθεῖαν αἴσθησιν εἰς τὰς δυτικὰς πρωτευούσας. Εἰς Οὐάσιγκτων ἐπιβεβαιοῦται ὅτι αἱ ἀμερικανικαὶ ὑπηρεσίαι ἀνίχνευσαν τὴν ἔκρηξιν. Οἱ εἰδικοὶ θεωροῦν ὅτι ἡ Ρωσία προέβη εἰς σημαντικὴν πρόοδον ἐπὶ τοῦ πεδίου τῶν ἀτομικῶν ὅπλων.
Η ΕΚΡΗΞΙΣ ΕΓΕΝΕΤΟ ΤΗΝ 12ην ΑΥΓΟΥΣΤΟΥ
ΛΟΝΔΙΝΟΝ, 20. (Ἰδ. ὑπηρ.). — Εἰς τὴν Σοβιετικὴν Ἕνωσιν ἐγένετο τὴν 12ην Αὐγούστου δοκιμαστικὴ ἔκρηξις βόμβας ὑδρογόνου, ὡς ἀνεκοίνωσε ἐπισήμως ἡ Μόσχα. Ἡ ἀναγγελία προεκάλεσε βαθεῖαν αἴσθησιν εἰς τὰς δυτικὰς πρωτευούσας. Εἰς Οὐάσιγκτων ἐπιβεβαιοῦται ὅτι αἱ ἀμερικανικαὶ ὑπηρεσίαι ἀνίχνευσαν τὴν ἔκρηξιν. Οἱ εἰδικοὶ θεωροῦν ὅτι ἡ Ρωσία προέβη εἰς σημαντικὴν πρόοδον ἐπὶ τοῦ πεδίου τῶν ἀτομικῶν ὅπλων.
ΠΑΛΙΝ ΚΑΤΑΣΚΟΠΕΙΑ ;
ΠΑΡΙΣΙΟΙ, 20. (Ἰδ. ὑπηρ.). — Αἱ κυβερνήσεις τῶν τριῶν δυτικῶν δυνάμεων ἐξετάζουν ἀπὸ κοινοῦ τὸ κείμενον τῆς ἀπαντήσεως εἰς τὰς σοβιετικὰς διακοινώσεις. Ἡ ἀπάντησις ἀναμένεται νὰ ἐπιδοθῇ ἐντὸς τῶν προσεχῶν ἡμερῶν.
ΟΙ ΤΩΝ ΕΙΣ ΤΗΝ ΑΥΛΗΝ
ΑΙ ΤΡΕΙΣ ΔΥΤΙΚΑΙ ΔΥΝΑΜΕΙΣ ΠΡΟΕΤΟΙΜΑΖΟΥΝ ΤΗΝ ΑΠΑΝΤΗΣΙΝ ΕΙΣ ΤΑΣ ΠΡΟΣΦΑΤΟΥΣ ΡΩΣΙΚΑΣ ΔΙΑΚΟΙΝΩΣΕΙΣ ΔΙΑ ΤΟ ΓΕΡΜΑΝΙΚΟΝ ΠΡΟΒΛΗΜΑ
ΠΑΡΙΣΙΟΙ, 20. (Ἰδ. ὑπηρ.). — Αἱ κυβερνήσεις τῶν τριῶν δυτικῶν δυνάμεων ἐξετάζουν ἀπὸ κοινοῦ τὸ κείμενον τῆς ἀπαντήσεως εἰς τὰς σοβιετικὰς διακοινώσεις. Ἡ ἀπάντησις ἀναμένεται νὰ ἐπιδοθῇ ἐντὸς τῶν προσεχῶν ἡμερῶν.
ΔΕΝ ΠΕΡΙΛΑΜΒΑΝΕΙ ΚΟΝΔΥΛΙΑ ΔΙΑ ΣΕΙΣΜΟΠΛΗΚΤΟΥΣ Ο ΚΑΤΑΠΘΕΝΕΙΣ ΠΡΟΣΕΧΩΣ ΝΕΟΣ ΠΡΟΫΠΟΛΟΓΙΣΜΟΣ
ΑΝΑΣΤΟΛΗ ΕΙΣΠΡΑΞΕΩΝ ΦΟΡΩΝ ΕΙΣ ΤΑΣ ΤΡΕΙΣ ΝΗΣΟΥΣ
Ὁ ὑπουργὸς τῶν Οἰκονομικῶν ἀνεκοίνωσεν ὅτι ἀναστέλλεται ἡ εἴσπραξις πάσης φύσεως φόρων εἰς τὰς σεισμοπλήκτους περιοχὰς τῆς Κεφαλληνίας, Ζακύνθου καὶ Ἰθάκης. Ὁ νέος προϋπολογισμὸς δὲν θὰ περιλαμβάνῃ εἰδικὰ κονδύλια, ἀλλὰ θὰ καταρτισθῇ συμπληρωματικός.
ΟΥΔΕΜΙΑ ΠΡΟΟΔΟΣ ΔΙΑ ΤΗΝ ΥΠΟΔΕΙΞΙΝ ΚΟΙΝΟΥ ΥΠΟΨΗΦΙΟΥ ΤΗΣ ΑΝΤΙΠΟΛΙΤΕΥΣΕΩΣ ΕΙΣ ΤΟΝ ΕΒΡΟΝ
Αἱ διαπραγματεύσεις μεταξὺ τῶν κομμάτων τῆς ἀντιπολιτεύσεως διὰ τὴν ὑπόδειξιν κοινοῦ ὑποψηφίου εἰς τὴν ἐπαναληπτικὴν ἐκλογὴν τοῦ νομοῦ Ἕβρου δὲν ἀπέδωσαν μέχρι στιγμῆς ἀποτέλεσμα.
Η ΣΥΝΗΝΩΣΙΣ ΤΗΣ ΑΝΤΙΠΟΛΙΤΕΥΣΕΩΣ
Αἱ διαπραγματεύσεις μεταξὺ τῶν κομμάτων τῆς ἀντιπολιτεύσεως διὰ τὴν ὑπόδειξιν κοινοῦ ὑποψηφίου εἰς τὴν ἐπαναληπτικὴν ἐκλογὴν τοῦ νομοῦ Ἕβρου δὲν ἀπέδωσαν μέχρι στιγμῆς ἀποτέλεσμα.
Ο ΣΥΝΑΓΕΡΜΟΣ
Ὁ ὑπουργὸς τῶν Οἰκονομικῶν ἀνεκοίνωσεν ὅτι ἀναστέλλεται ἡ εἴσπραξις πάσης φύσεως φόρων εἰς τὰς σεισμοπλήκτους περιοχὰς τῆς Κεφαλληνίας, Ζακύνθου καὶ Ἰθάκης. Ὁ νέος προϋπολογισμὸς δὲν θὰ περιλαμβάνῃ εἰδικὰ κονδύλια, ἀλλὰ θὰ καταρτισθῇ συμπληρωματικός.
Ο κ. ΣΤΗΒΕΝΣΟΝ ΒΛΕΠΕΙ ΗΔΗ ΑΠΟΜΑΚΡΥΝΟΜΕΝΟΝ ΤΟΝ ΚΙΝΔΥΝΟΝ ΕΝΟΣ ΝΕΟΥ ΠΑΓΚΟΣΜΙΟΥ ΠΟΛΕΜΟΥ
ΝΕΑ ΥΟΡΚΗ, 20. (Ἰδ. ὑπηρ.). — Ὁ κ. Στήβενσον, ἐπιστρέψας ἐκ τοῦ ταξιδίου του ἀνὰ τὸν κόσμον, δήλωσεν ὅτι ὁ κίνδυνος ἑνὸς νέου παγκοσμίου πολέμου ἔχει ἀπομακρυνθῇ, διότι αἱ δυνάμεις τοῦ ἐλευθέρου κόσμου ἐνισχύθησαν σημαντικῶς.
ΝΕΑ ΥΟΡΚΗ, 20. (Ἰδ. ὑπηρ.). — Ὁ κ. Στήβενσον, ἐπιστρέψας ἐκ τοῦ ταξιδίου του ἀνὰ τὸν κόσμον, δήλωσεν ὅτι ὁ κίνδυνος ἑνὸς νέου παγκοσμίου πολέμου ἔχει ἀπομακρυνθῇ, διότι αἱ δυνάμεις τοῦ ἐλευθέρου κόσμου ἐνισχύθησαν σημαντικῶς.
ΠΡΟΣΦΟΡΑ ΜΕΓΑΛΩΝ ΧΡΗΜΑΤΙΚΩΝ ΒΟΗΘΗΜΑΤΩΝ ΕΚ ΜΕΡΟΥΣ ΤΩΝ ΕΠΙΧΕΙΡΗΣΕΩΝ ΚΑΙ ΟΡΓΑΝΙΣΜΩΝ
Συνεχίζονται καὶ χθὲς αἱ προσφοραὶ ὑπὲρ τῶν σεισμοπαθῶν. Ἡ Ἐθνικὴ Τράπεζα προσέφερε δρχ. 50.000.000, ἡ Τράπεζα Ἑλλάδος δρχ. 100.000.000, ἡ Ἐμπορικὴ Τράπεζα δρχ. 25.000.000, ἡ Ἰονικὴ Τράπεζα δρχ. 20.000.000. Ἐπίσης αἱ ἑταιρεῖαι καπνοβιομηχανίας προσέφερον σημαντικὰ ποσά, ἡ δὲ ΔΕΗ δρχ. 10.000.000. Ἡ Ἕνωσις Ἐφοπλιστῶν προσέφερε 250.000 δολλάρια.
Η ΘΡΑΚΙΚΗ ΑΤΜΟΠΛΟΪΑ
Συνεχίζονται καὶ χθὲς αἱ προσφοραὶ ὑπὲρ τῶν σεισμοπαθῶν. Ἡ Ἐθνικὴ Τράπεζα προσέφερε δρχ. 50.000.000, ἡ Τράπεζα Ἑλλάδος δρχ. 100.000.000, ἡ Ἐμπορικὴ Τράπεζα δρχ. 25.000.000, ἡ Ἰονικὴ Τράπεζα δρχ. 20.000.000. Ἐπίσης αἱ ἑταιρεῖαι καπνοβιομηχανίας προσέφερον σημαντικὰ ποσά, ἡ δὲ ΔΕΗ δρχ. 10.000.000. Ἡ Ἕνωσις Ἐφοπλιστῶν προσέφερε 250.000 δολλάρια.
ΑΛΛΑΙ ΕΙΣΦΟΡΑΙ ΕΙΣ ΕΙΔΟΣ
